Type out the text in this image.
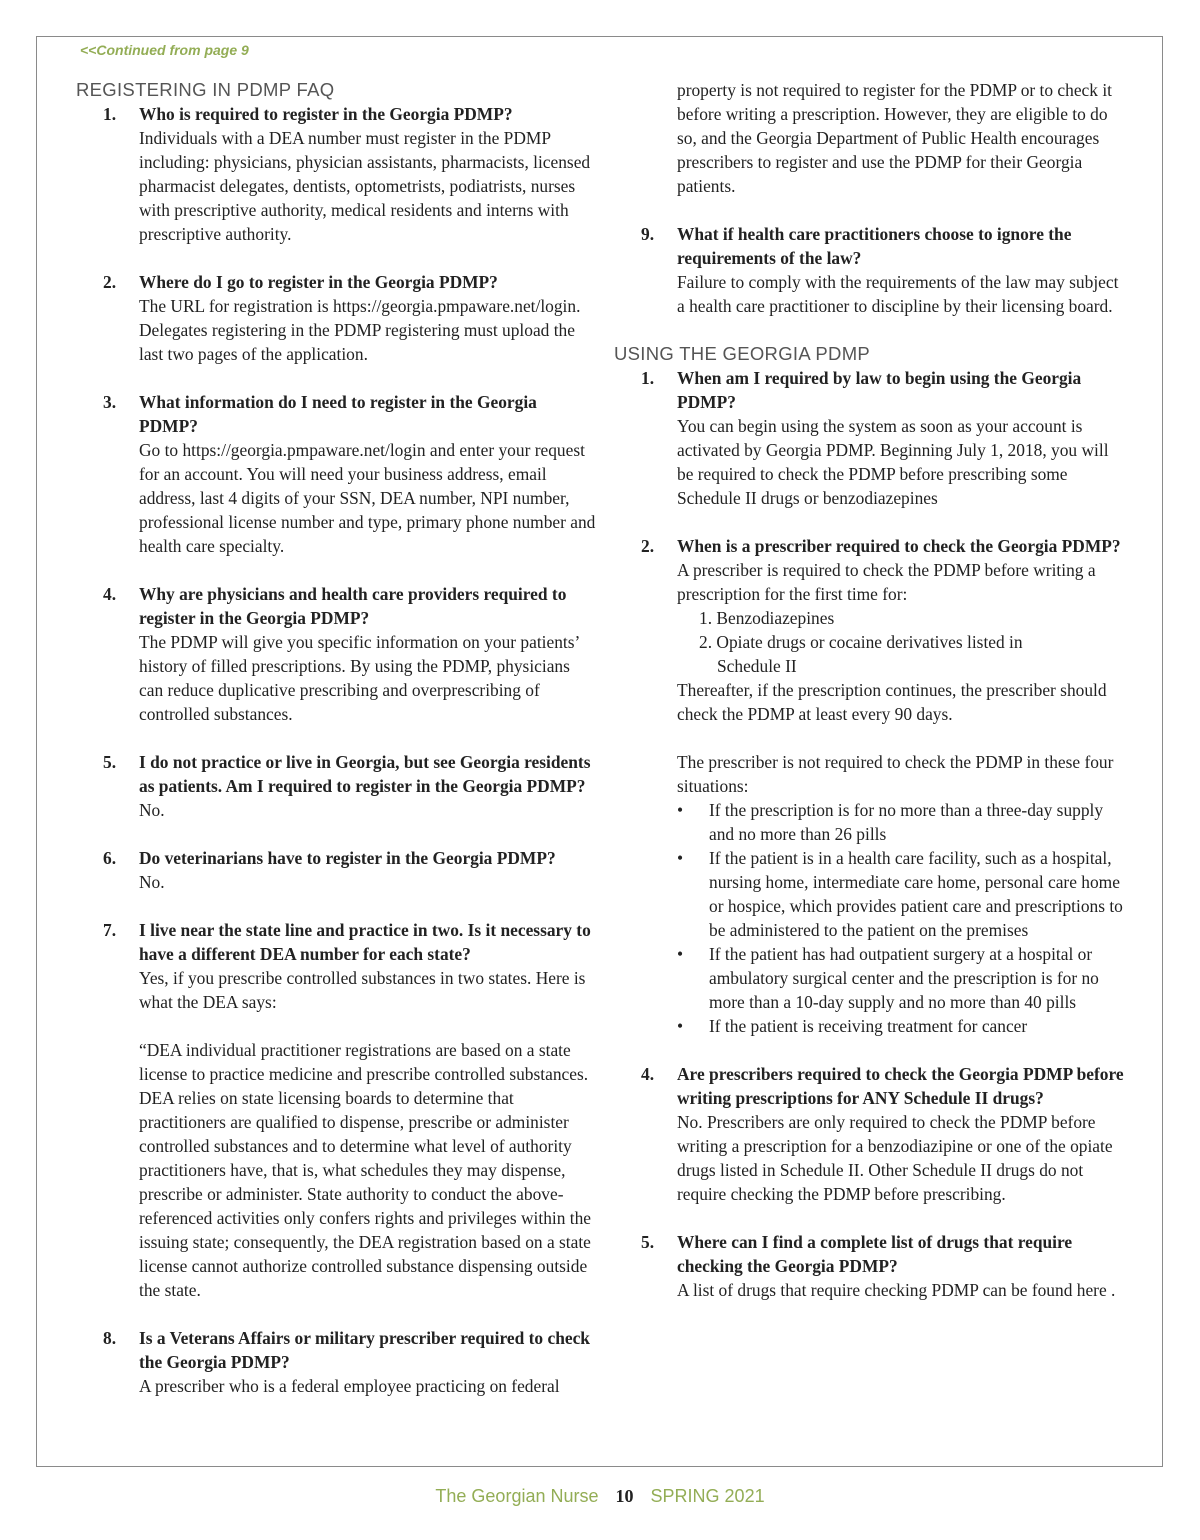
<<Continued from page 9
REGISTERING IN PDMP FAQ
1. Who is required to register in the Georgia PDMP?

Individuals with a DEA number must register in the PDMP including: physicians, physician assistants, pharmacists, licensed pharmacist delegates, dentists, optometrists, podiatrists, nurses with prescriptive authority, medical residents and interns with prescriptive authority.

2. Where do I go to register in the Georgia PDMP?

The URL for registration is https://georgia.pmpaware.net/login. Delegates registering in the PDMP registering must upload the last two pages of the application.

3. What information do I need to register in the Georgia PDMP?

Go to https://georgia.pmpaware.net/login and enter your request for an account. You will need your business address, email address, last 4 digits of your SSN, DEA number, NPI number, professional license number and type, primary phone number and health care specialty.

4. Why are physicians and health care providers required to register in the Georgia PDMP?

The PDMP will give you specific information on your patients’ history of filled prescriptions. By using the PDMP, physicians can reduce duplicative prescribing and overprescribing of controlled substances.

5. I do not practice or live in Georgia, but see Georgia residents as patients. Am I required to register in the Georgia PDMP?

No.

6. Do veterinarians have to register in the Georgia PDMP?

No.

7. I live near the state line and practice in two. Is it necessary to have a different DEA number for each state?

Yes, if you prescribe controlled substances in two states. Here is what the DEA says:

“DEA individual practitioner registrations are based on a state license to practice medicine and prescribe controlled substances. DEA relies on state licensing boards to determine that practitioners are qualified to dispense, prescribe or administer controlled substances and to determine what level of authority practitioners have, that is, what schedules they may dispense, prescribe or administer. State authority to conduct the above-referenced activities only confers rights and privileges within the issuing state; consequently, the DEA registration based on a state license cannot authorize controlled substance dispensing outside the state.

8. Is a Veterans Affairs or military prescriber required to check the Georgia PDMP?

A prescriber who is a federal employee practicing on federal

property is not required to register for the PDMP or to check it before writing a prescription. However, they are eligible to do so, and the Georgia Department of Public Health encourages prescribers to register and use the PDMP for their Georgia patients.

9. What if health care practitioners choose to ignore the requirements of the law?

Failure to comply with the requirements of the law may subject a health care practitioner to discipline by their licensing board.

USING THE GEORGIA PDMP
1. When am I required by law to begin using the Georgia PDMP?

You can begin using the system as soon as your account is activated by Georgia PDMP. Beginning July 1, 2018, you will be required to check the PDMP before prescribing some Schedule II drugs or benzodiazepines

2. When is a prescriber required to check the Georgia PDMP?

A prescriber is required to check the PDMP before writing a prescription for the first time for:

1. Benzodiazepines

2. Opiate drugs or cocaine derivatives listed in

Schedule II

Thereafter, if the prescription continues, the prescriber should check the PDMP at least every 90 days.

The prescriber is not required to check the PDMP in these four situations:

• If the prescription is for no more than a three-day supply and no more than 26 pills
• If the patient is in a health care facility, such as a hospital, nursing home, intermediate care home, personal care home or hospice, which provides patient care and prescriptions to be administered to the patient on the premises
• If the patient has had outpatient surgery at a hospital or ambulatory surgical center and the prescription is for no more than a 10-day supply and no more than 40 pills
• If the patient is receiving treatment for cancer
4. Are prescribers required to check the Georgia PDMP before writing prescriptions for ANY Schedule II drugs?

No. Prescribers are only required to check the PDMP before writing a prescription for a benzodiazipine or one of the opiate drugs listed in Schedule II. Other Schedule II drugs do not require checking the PDMP before prescribing.

5. Where can I find a complete list of drugs that require checking the Georgia PDMP?

A list of drugs that require checking PDMP can be found here .

The Georgian Nurse 10 SPRING 2021
